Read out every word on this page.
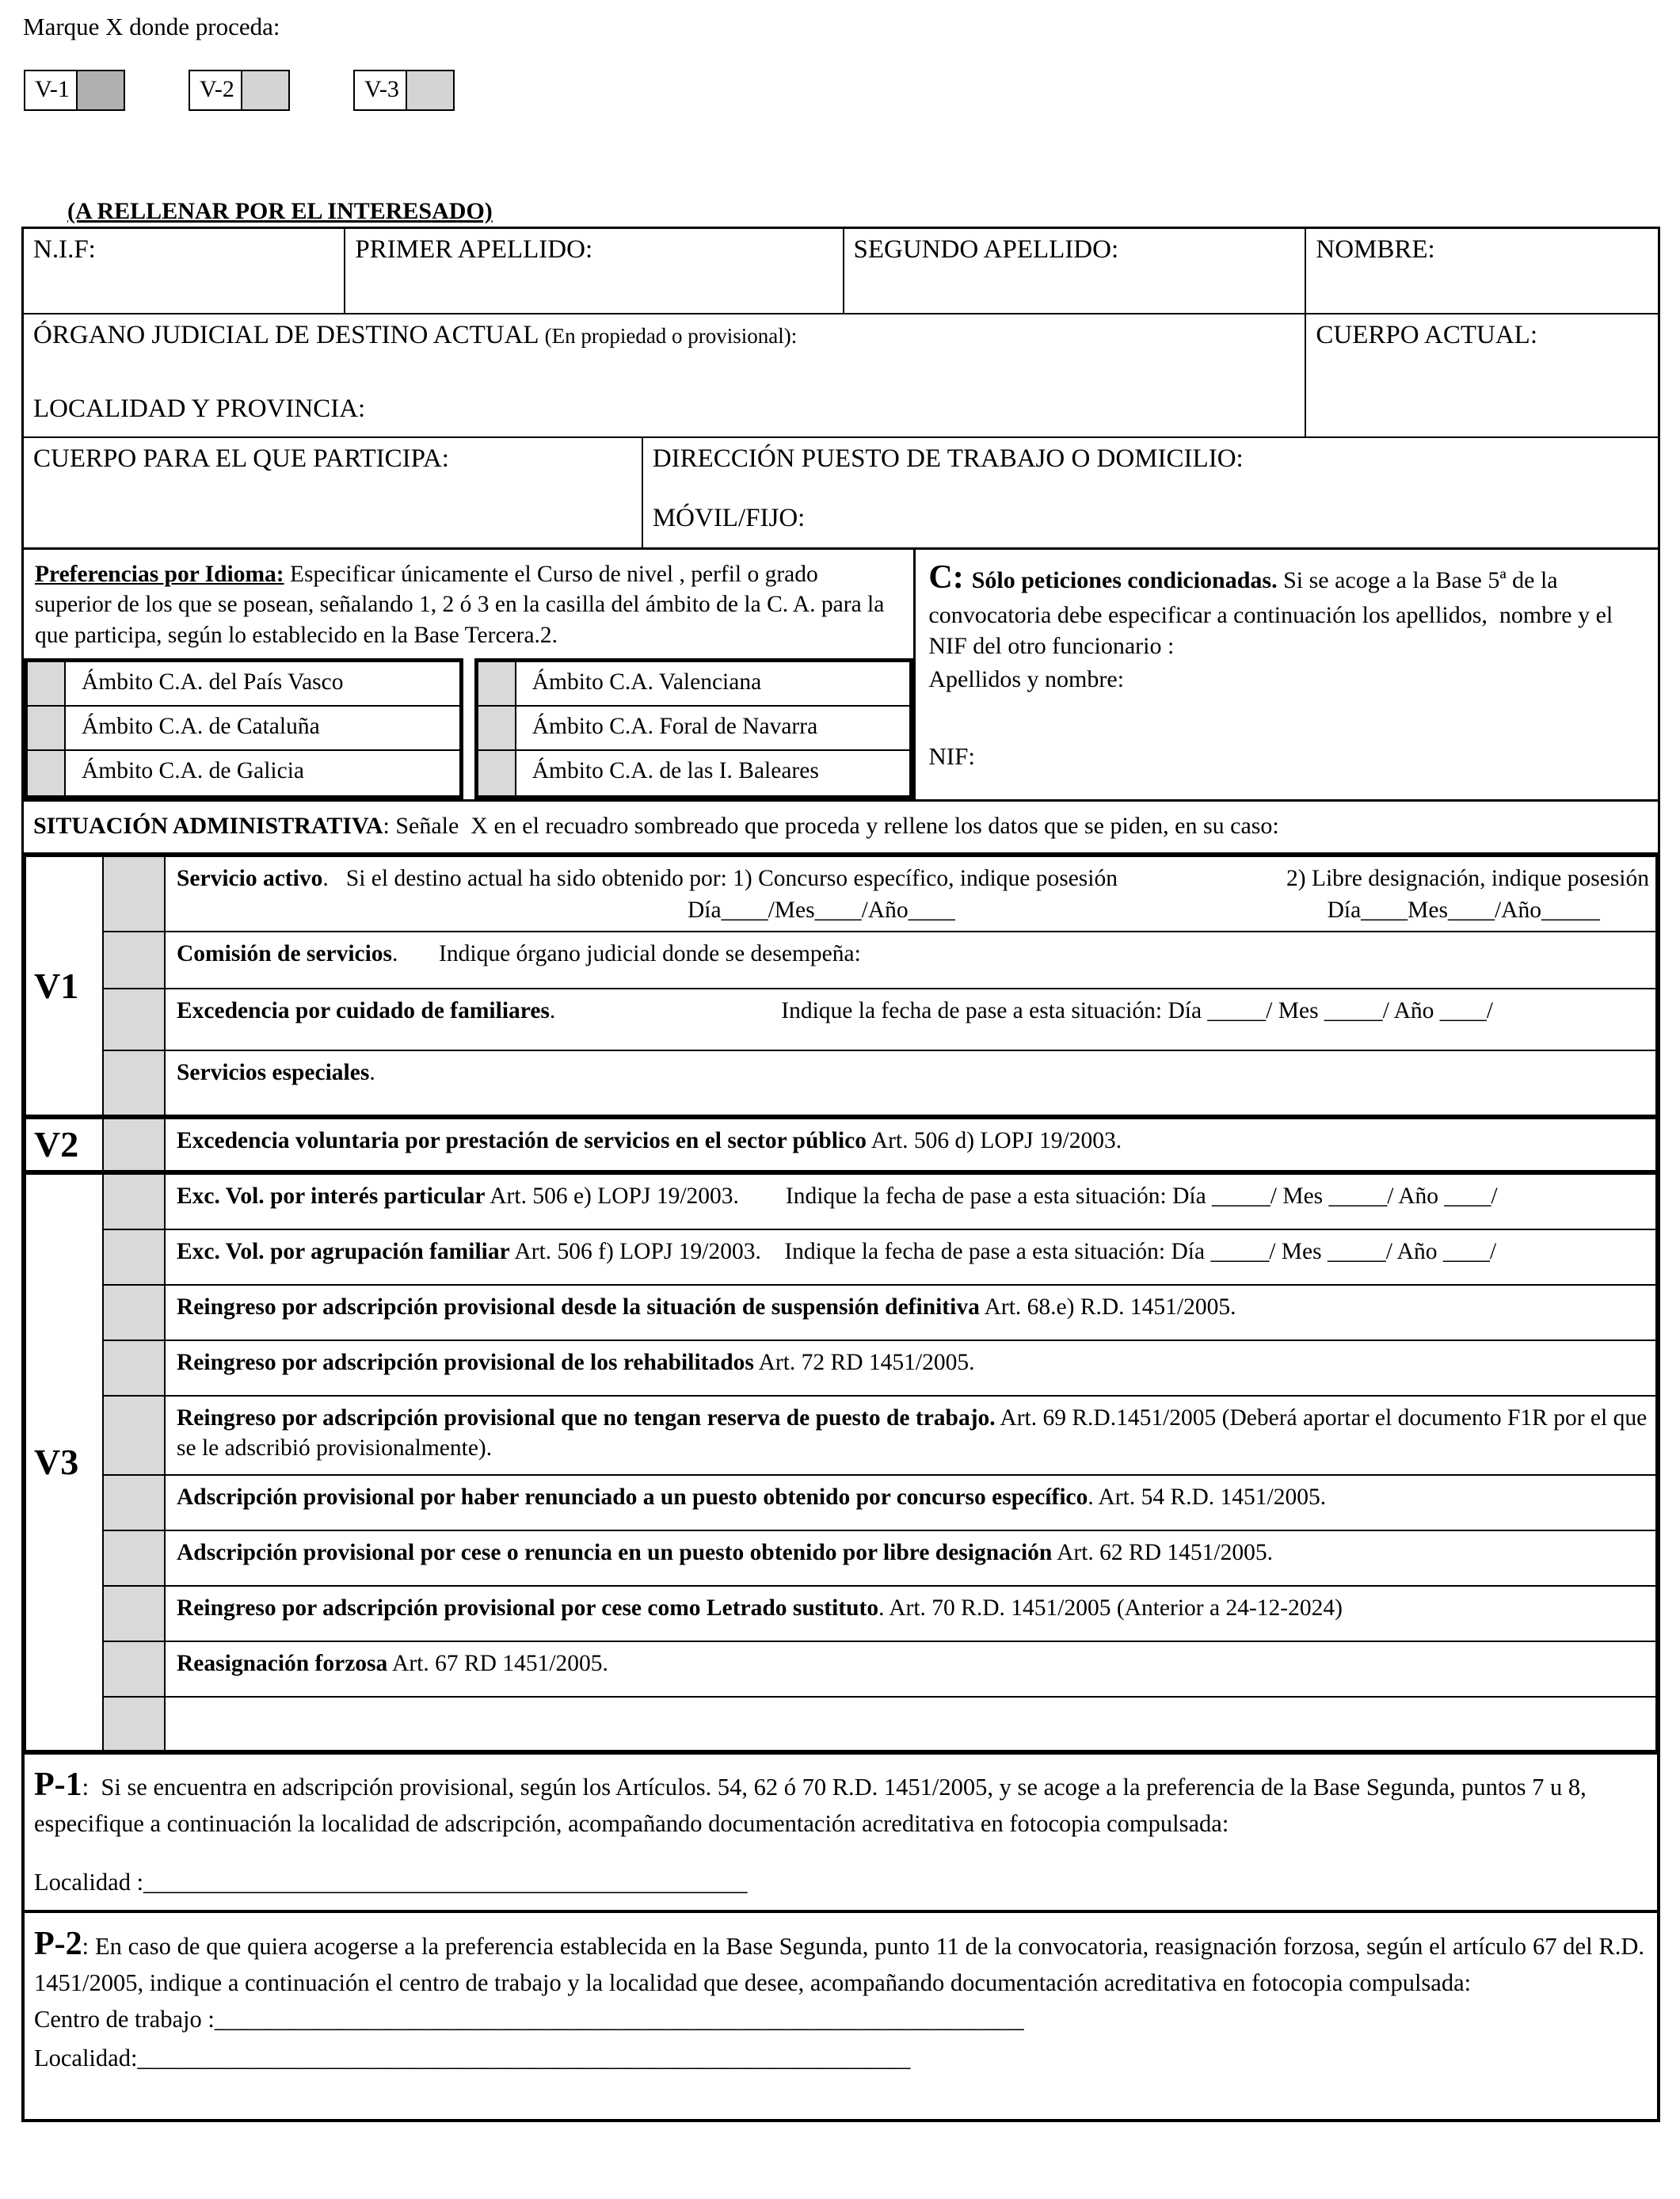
Marque X donde proceda:
V-1	V-2	V-3
(A RELLENAR POR EL INTERESADO)
N.I.F:	PRIMER APELLIDO:	SEGUNDO APELLIDO:	NOMBRE:
ÓRGANO JUDICIAL DE DESTINO ACTUAL (En propiedad o provisional):
LOCALIDAD Y PROVINCIA:
CUERPO ACTUAL:
CUERPO PARA EL QUE PARTICIPA:	DIRECCIÓN PUESTO DE TRABAJO O DOMICILIO:
MÓVIL/FIJO:

Preferencias por Idioma: Especificar únicamente el Curso de nivel , perfil o grado superior de los que se posean, señalando 1, 2 ó 3 en la casilla del ámbito de la C. A. para la que participa, según lo establecido en la Base Tercera.2.

Ámbito C.A. del País Vasco
Ámbito C.A. de Cataluña
Ámbito C.A. de Galicia
Ámbito C.A. Valenciana
Ámbito C.A. Foral de Navarra
Ámbito C.A. de las I. Baleares

C: Sólo peticiones condicionadas. Si se acoge a la Base 5ª de la convocatoria debe especificar a continuación los apellidos,  nombre y el NIF del otro funcionario :

Apellidos y nombre:

NIF:

SITUACIÓN ADMINISTRATIVA: Señale  X en el recuadro sombreado que proceda y rellene los datos que se piden, en su caso:
V1
Servicio activo.   Si el destino actual ha sido obtenido por: 1) Concurso específico, indique posesión	2) Libre designación, indique posesión
Día____/Mes____/Año____	Día____Mes____/Año_____
Comisión de servicios.       Indique órgano judicial donde se desempeña:
Excedencia por cuidado de familiares.	Indique la fecha de pase a esta situación: Día _____/ Mes _____/ Año ____/
Servicios especiales.
V2	Excedencia voluntaria por prestación de servicios en el sector público Art. 506 d) LOPJ 19/2003.
V3
Exc. Vol. por interés particular Art. 506 e) LOPJ 19/2003.        Indique la fecha de pase a esta situación: Día _____/ Mes _____/ Año ____/
Exc. Vol. por agrupación familiar Art. 506 f) LOPJ 19/2003.    Indique la fecha de pase a esta situación: Día _____/ Mes _____/ Año ____/
Reingreso por adscripción provisional desde la situación de suspensión definitiva Art. 68.e) R.D. 1451/2005.
Reingreso por adscripción provisional de los rehabilitados Art. 72 RD 1451/2005.
Reingreso por adscripción provisional que no tengan reserva de puesto de trabajo. Art. 69 R.D.1451/2005 (Deberá aportar el documento F1R por el que se le adscribió provisionalmente).
Adscripción provisional por haber renunciado a un puesto obtenido por concurso específico. Art. 54 R.D. 1451/2005.
Adscripción provisional por cese o renuncia en un puesto obtenido por libre designación Art. 62 RD 1451/2005.
Reingreso por adscripción provisional por cese como Letrado sustituto. Art. 70 R.D. 1451/2005 (Anterior a 24-12-2024)
Reasignación forzosa Art. 67 RD 1451/2005.

P-1:  Si se encuentra en adscripción provisional, según los Artículos. 54, 62 ó 70 R.D. 1451/2005, y se acoge a la preferencia de la Base Segunda, puntos 7 u 8, especifique a continuación la localidad de adscripción, acompañando documentación acreditativa en fotocopia compulsada:

Localidad :__________________________________________________

P-2: En caso de que quiera acogerse a la preferencia establecida en la Base Segunda, punto 11 de la convocatoria, reasignación forzosa, según el artículo 67 del R.D. 1451/2005, indique a continuación el centro de trabajo y la localidad que desee, acompañando documentación acreditativa en fotocopia compulsada:

Centro de trabajo :___________________________________________________________________

Localidad:________________________________________________________________
